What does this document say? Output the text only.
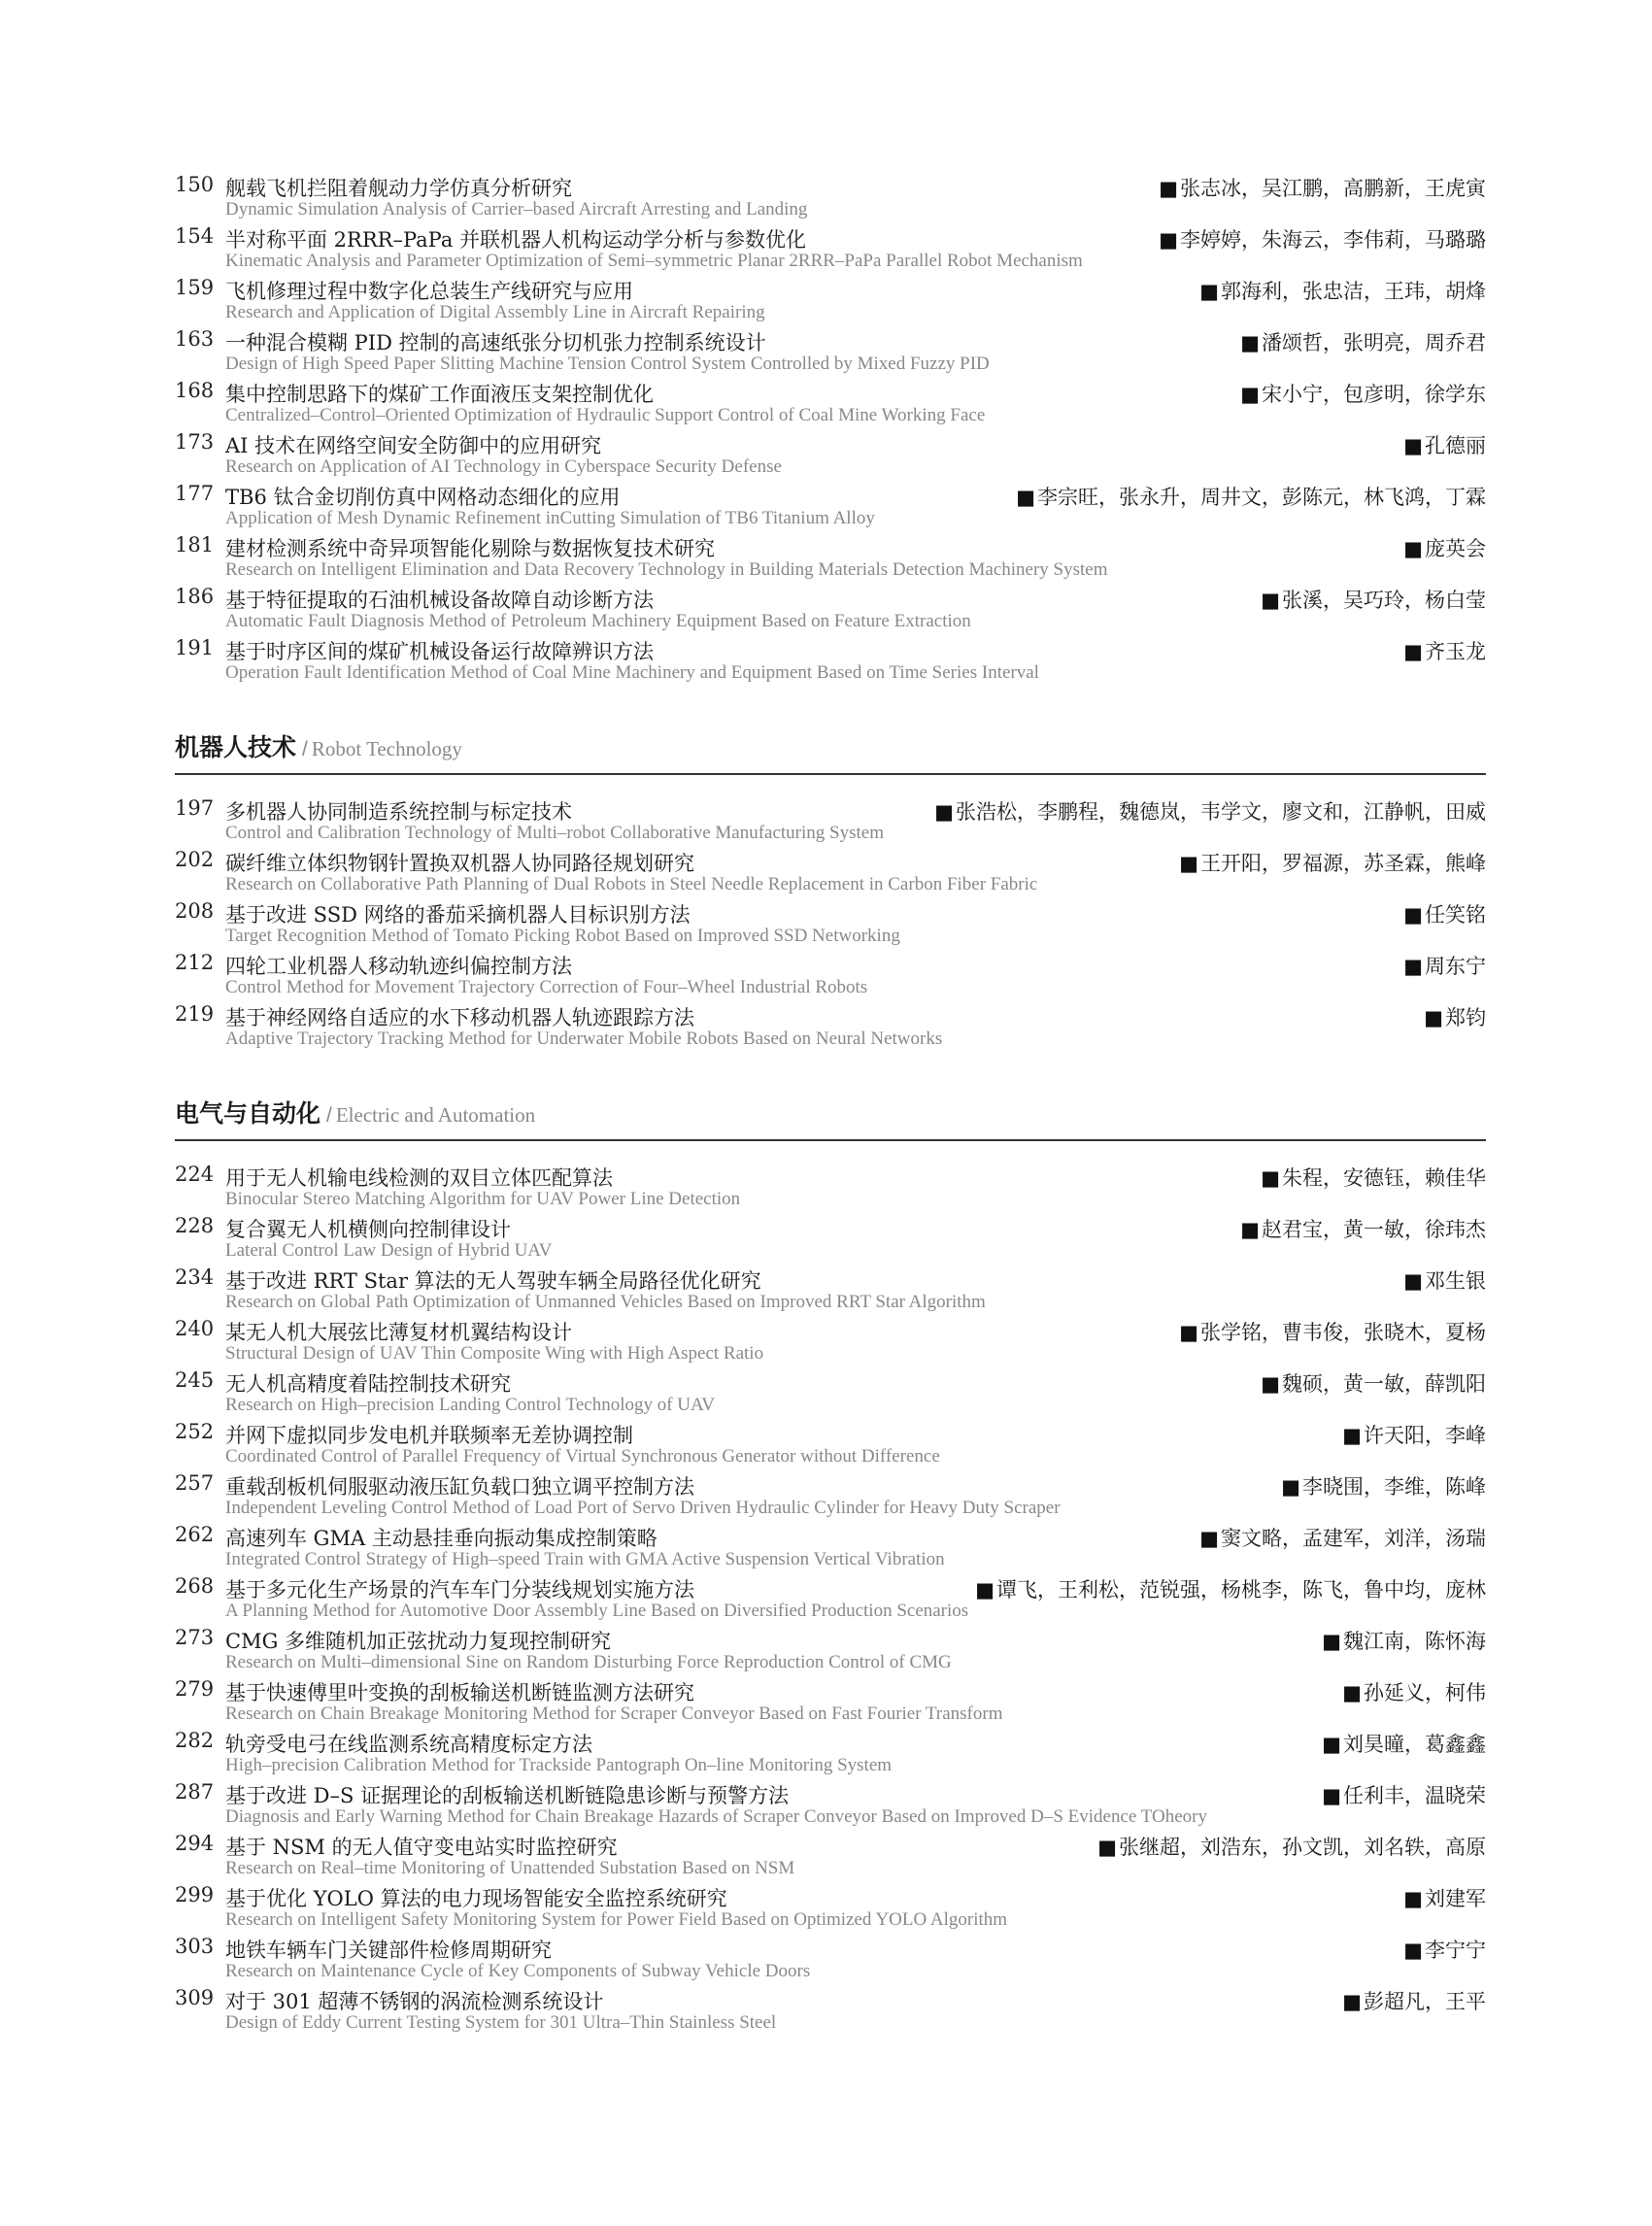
150 舰载飞机拦阻着舰动力学仿真分析研究	■ 张志冰，吴江鹏，高鹏新，王虎寅
Dynamic Simulation Analysis of Carrier–based Aircraft Arresting and Landing
154 半对称平面 2RRR–PaPa 并联机器人机构运动学分析与参数优化	■ 李婷婷，朱海云，李伟莉，马璐璐
Kinematic Analysis and Parameter Optimization of Semi–symmetric Planar 2RRR–PaPa Parallel Robot Mechanism
159 飞机修理过程中数字化总装生产线研究与应用	■ 郭海利，张忠洁，王玮，胡烽
Research and Application of Digital Assembly Line in Aircraft Repairing
163 一种混合模糊 PID 控制的高速纸张分切机张力控制系统设计	■ 潘颂哲，张明亮，周乔君
Design of High Speed Paper Slitting Machine Tension Control System Controlled by Mixed Fuzzy PID
168 集中控制思路下的煤矿工作面液压支架控制优化	■ 宋小宁，包彦明，徐学东
Centralized–Control–Oriented Optimization of Hydraulic Support Control of Coal Mine Working Face
173 AI 技术在网络空间安全防御中的应用研究	■ 孔德丽
Research on Application of AI Technology in Cyberspace Security Defense
177 TB6 钛合金切削仿真中网格动态细化的应用	■ 李宗旺，张永升，周井文，彭陈元，林飞鸿，丁霖
Application of Mesh Dynamic Refinement inCutting Simulation of TB6 Titanium Alloy
181 建材检测系统中奇异项智能化剔除与数据恢复技术研究	■ 庞英会
Research on Intelligent Elimination and Data Recovery Technology in Building Materials Detection Machinery System
186 基于特征提取的石油机械设备故障自动诊断方法	■ 张溪，吴巧玲，杨白莹
Automatic Fault Diagnosis Method of Petroleum Machinery Equipment Based on Feature Extraction
191 基于时序区间的煤矿机械设备运行故障辨识方法	■ 齐玉龙
Operation Fault Identification Method of Coal Mine Machinery and Equipment Based on Time Series Interval
机器人技术 / Robot Technology
197 多机器人协同制造系统控制与标定技术	■ 张浩松，李鹏程，魏德岚，韦学文，廖文和，江静帆，田威
Control and Calibration Technology of Multi–robot Collaborative Manufacturing System
202 碳纤维立体织物钢针置换双机器人协同路径规划研究	■ 王开阳，罗福源，苏圣霖，熊峰
Research on Collaborative Path Planning of Dual Robots in Steel Needle Replacement in Carbon Fiber Fabric
208 基于改进 SSD 网络的番茄采摘机器人目标识别方法	■ 任笑铭
Target Recognition Method of Tomato Picking Robot Based on Improved SSD Networking
212 四轮工业机器人移动轨迹纠偏控制方法	■ 周东宁
Control Method for Movement Trajectory Correction of Four–Wheel Industrial Robots
219 基于神经网络自适应的水下移动机器人轨迹跟踪方法	■ 郑钧
Adaptive Trajectory Tracking Method for Underwater Mobile Robots Based on Neural Networks
电气与自动化 / Electric and Automation
224 用于无人机输电线检测的双目立体匹配算法	■ 朱程，安德钰，赖佳华
Binocular Stereo Matching Algorithm for UAV Power Line Detection
228 复合翼无人机横侧向控制律设计	■ 赵君宝，黄一敏，徐玮杰
Lateral Control Law Design of Hybrid UAV
234 基于改进 RRT Star 算法的无人驾驶车辆全局路径优化研究	■ 邓生银
Research on Global Path Optimization of Unmanned Vehicles Based on Improved RRT Star Algorithm
240 某无人机大展弦比薄复材机翼结构设计	■ 张学铭，曹韦俊，张晓木，夏杨
Structural Design of UAV Thin Composite Wing with High Aspect Ratio
245 无人机高精度着陆控制技术研究	■ 魏硕，黄一敏，薛凯阳
Research on High–precision Landing Control Technology of UAV
252 并网下虚拟同步发电机并联频率无差协调控制	■ 许天阳，李峰
Coordinated Control of Parallel Frequency of Virtual Synchronous Generator without Difference
257 重载刮板机伺服驱动液压缸负载口独立调平控制方法	■ 李晓围，李维，陈峰
Independent Leveling Control Method of Load Port of Servo Driven Hydraulic Cylinder for Heavy Duty Scraper
262 高速列车 GMA 主动悬挂垂向振动集成控制策略	■ 窦文略，孟建军，刘洋，汤瑞
Integrated Control Strategy of High–speed Train with GMA Active Suspension Vertical Vibration
268 基于多元化生产场景的汽车车门分装线规划实施方法	■ 谭飞，王利松，范锐强，杨桃李，陈飞，鲁中均，庞林
A Planning Method for Automotive Door Assembly Line Based on Diversified Production Scenarios
273 CMG 多维随机加正弦扰动力复现控制研究	■ 魏江南，陈怀海
Research on Multi–dimensional Sine on Random Disturbing Force Reproduction Control of CMG
279 基于快速傅里叶变换的刮板输送机断链监测方法研究	■ 孙延义，柯伟
Research on Chain Breakage Monitoring Method for Scraper Conveyor Based on Fast Fourier Transform
282 轨旁受电弓在线监测系统高精度标定方法	■ 刘昊曈，葛鑫鑫
High–precision Calibration Method for Trackside Pantograph On–line Monitoring System
287 基于改进 D–S 证据理论的刮板输送机断链隐患诊断与预警方法	■ 任利丰，温晓荣
Diagnosis and Early Warning Method for Chain Breakage Hazards of Scraper Conveyor Based on Improved D–S Evidence TOheory
294 基于 NSM 的无人值守变电站实时监控研究	■ 张继超，刘浩东，孙文凯，刘名轶，高原
Research on Real–time Monitoring of Unattended Substation Based on NSM
299 基于优化 YOLO 算法的电力现场智能安全监控系统研究	■ 刘建军
Research on Intelligent Safety Monitoring System for Power Field Based on Optimized YOLO Algorithm
303 地铁车辆车门关键部件检修周期研究	■ 李宁宁
Research on Maintenance Cycle of Key Components of Subway Vehicle Doors
309 对于 301 超薄不锈钢的涡流检测系统设计	■ 彭超凡，王平
Design of Eddy Current Testing System for 301 Ultra–Thin Stainless Steel
